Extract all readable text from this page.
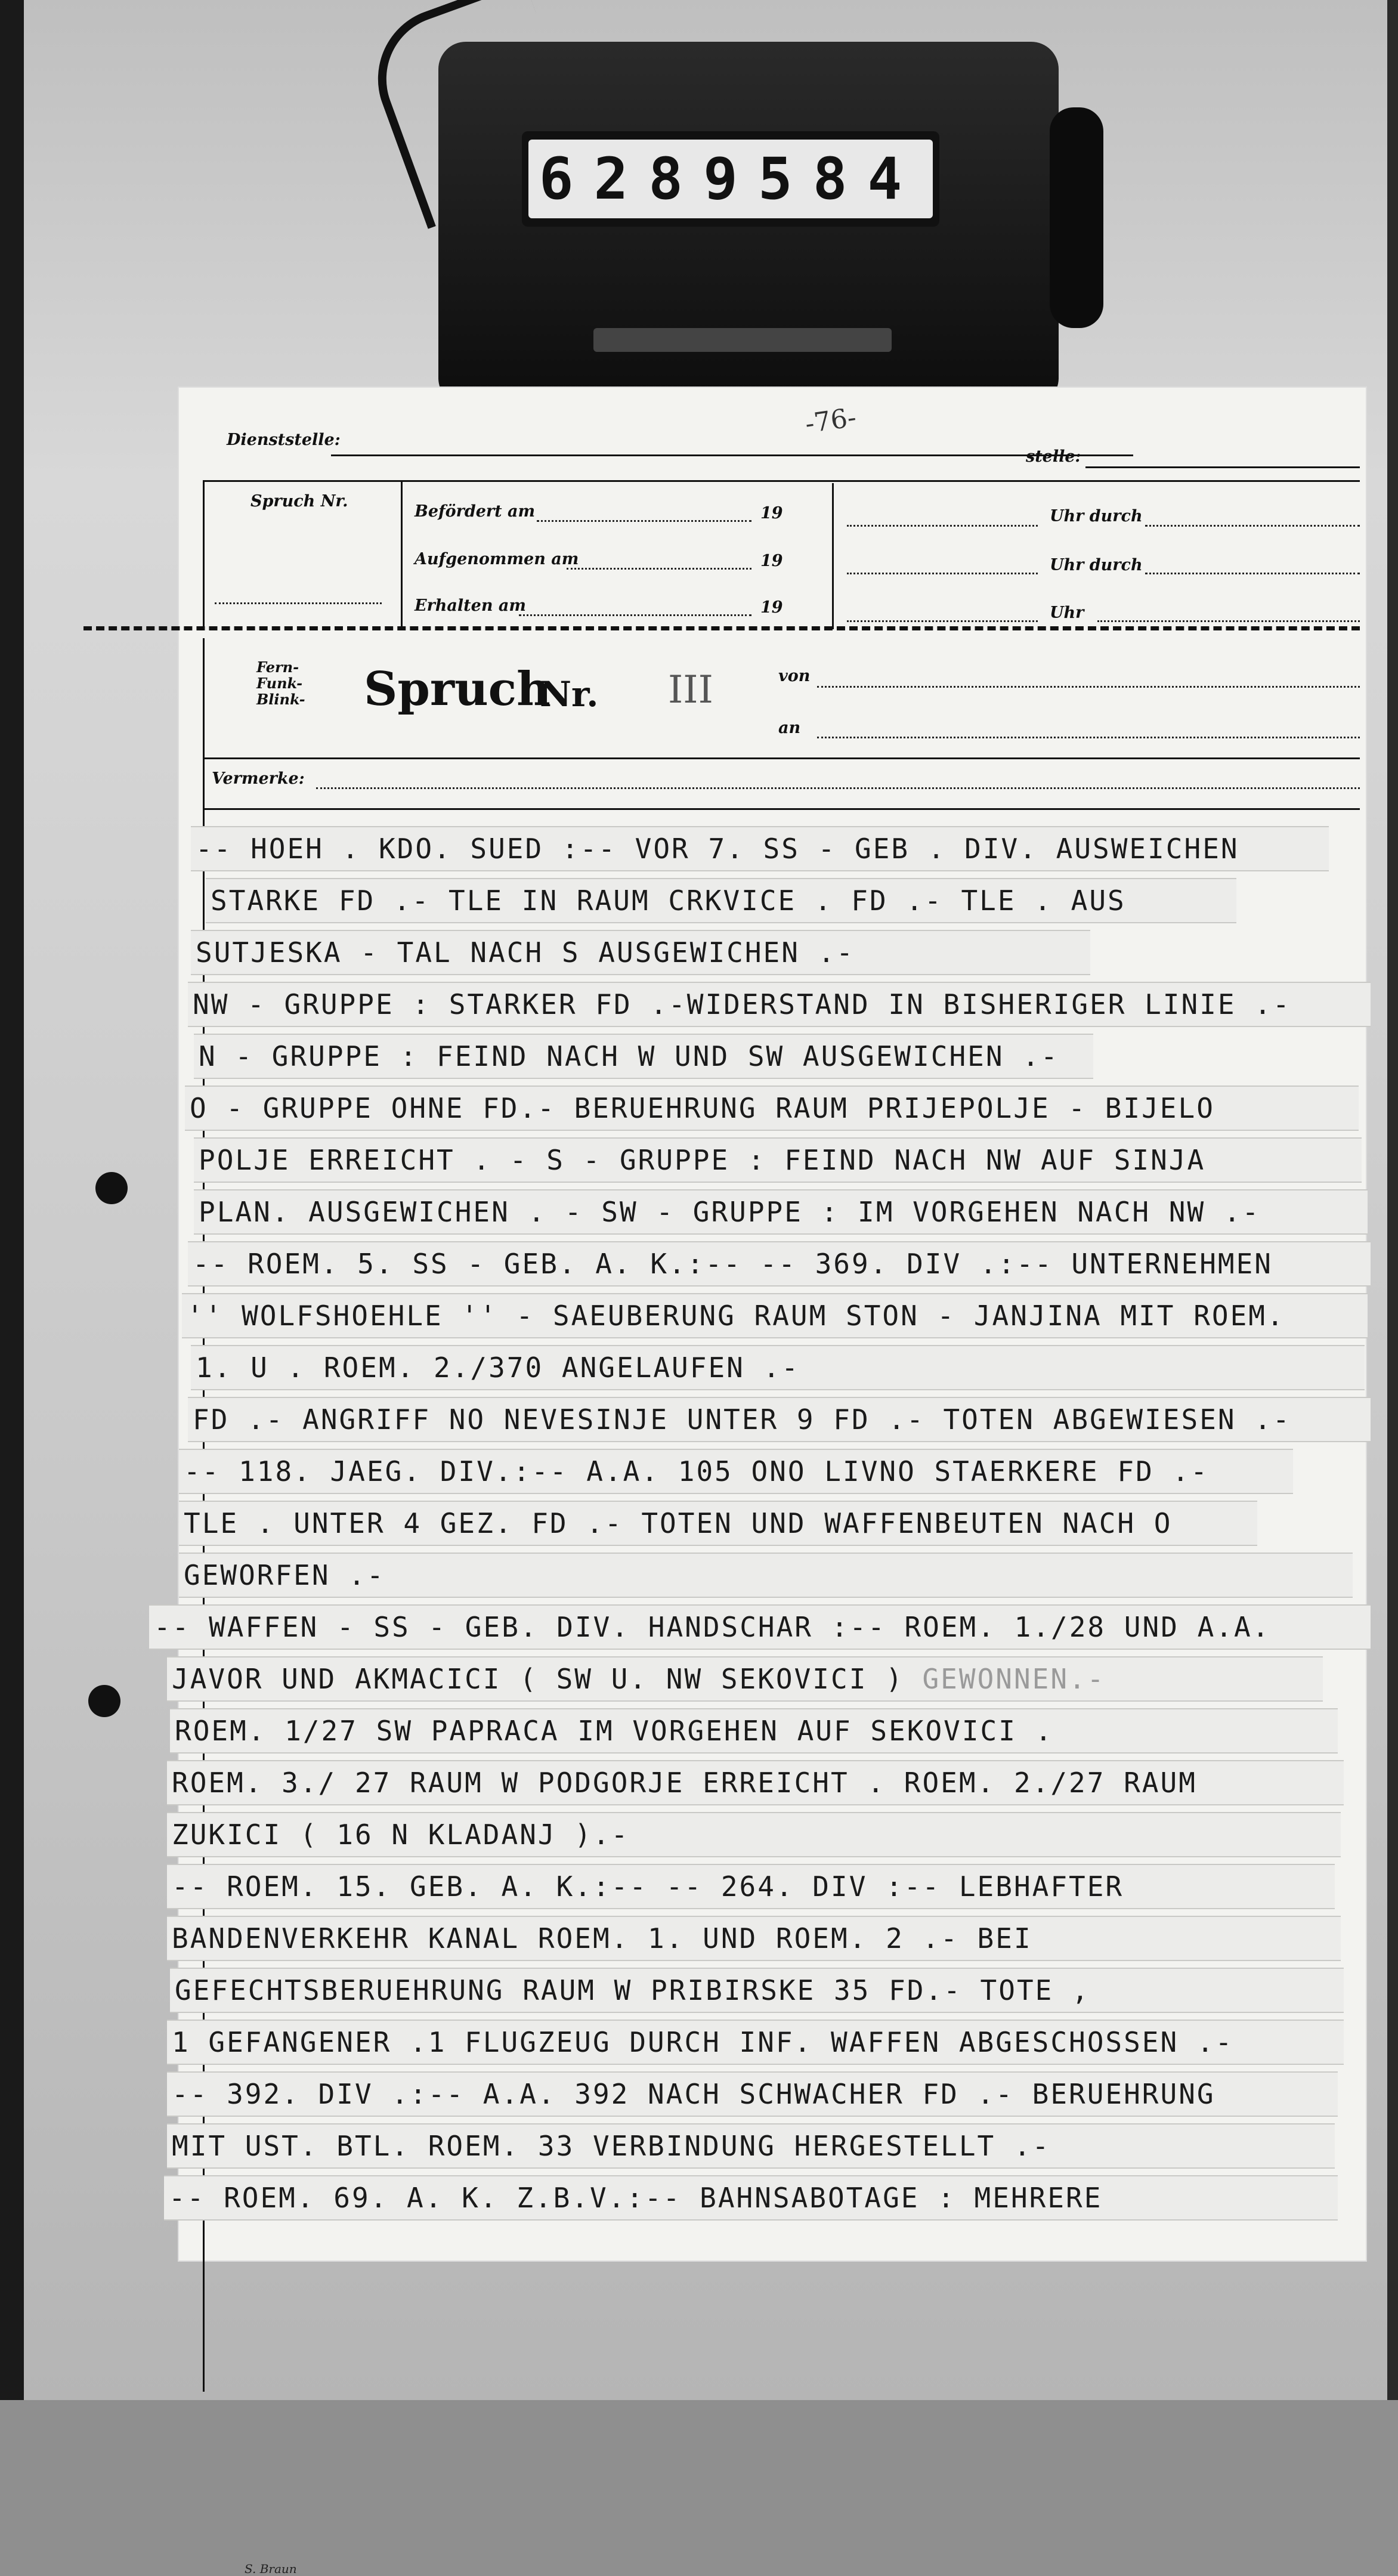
6289584
Dienststelle:
-76-
stelle:
Spruch Nr.
Befördert am	19
Aufgenommen am	19
Erhalten am	19
Uhr durch
Uhr durch
Uhr
Fern-
Funk-
Blink- Spruch
Nr. III	von
an
Vermerke:
-- HOEH . KDO. SUED :-- VOR 7. SS - GEB . DIV. AUSWEICHEN
STARKE FD .- TLE IN RAUM CRKVICE . FD .- TLE . AUS
SUTJESKA - TAL NACH S AUSGEWICHEN .-
NW - GRUPPE : STARKER FD .-WIDERSTAND IN BISHERIGER LINIE .-
N - GRUPPE : FEIND NACH W UND SW AUSGEWICHEN .-
O - GRUPPE OHNE FD.- BERUEHRUNG RAUM PRIJEPOLJE - BIJELO
POLJE ERREICHT . - S - GRUPPE : FEIND NACH NW AUF SINJA
PLAN. AUSGEWICHEN . - SW - GRUPPE : IM VORGEHEN NACH NW .-
-- ROEM. 5. SS - GEB. A. K.:-- -- 369. DIV .:-- UNTERNEHMEN
'' WOLFSHOEHLE '' - SAEUBERUNG RAUM STON - JANJINA MIT ROEM.
1. U . ROEM. 2./370 ANGELAUFEN .-
FD .- ANGRIFF NO NEVESINJE UNTER 9 FD .- TOTEN ABGEWIESEN .-
-- 118. JAEG. DIV.:-- A.A. 105 ONO LIVNO STAERKERE FD .-
TLE . UNTER 4 GEZ. FD .- TOTEN UND WAFFENBEUTEN NACH O
GEWORFEN .-
-- WAFFEN - SS - GEB. DIV. HANDSCHAR :-- ROEM. 1./28 UND A.A.
JAVOR UND AKMACICI ( SW U. NW SEKOVICI ) GEWONNEN.-
ROEM. 1/27 SW PAPRACA IM VORGEHEN AUF SEKOVICI .
ROEM. 3./ 27 RAUM W PODGORJE ERREICHT . ROEM. 2./27 RAUM
ZUKICI ( 16 N KLADANJ ).-
-- ROEM. 15. GEB. A. K.:-- -- 264. DIV :-- LEBHAFTER
BANDENVERKEHR KANAL ROEM. 1. UND ROEM. 2 .- BEI
GEFECHTSBERUEHRUNG RAUM W PRIBIRSKE 35 FD.- TOTE ,
1 GEFANGENER .1 FLUGZEUG DURCH INF. WAFFEN ABGESCHOSSEN .-
-- 392. DIV .:-- A.A. 392 NACH SCHWACHER FD .- BERUEHRUNG
MIT UST. BTL. ROEM. 33 VERBINDUNG HERGESTELLT .-
-- ROEM. 69. A. K. Z.B.V.:-- BAHNSABOTAGE : MEHRERE
S. Braun
